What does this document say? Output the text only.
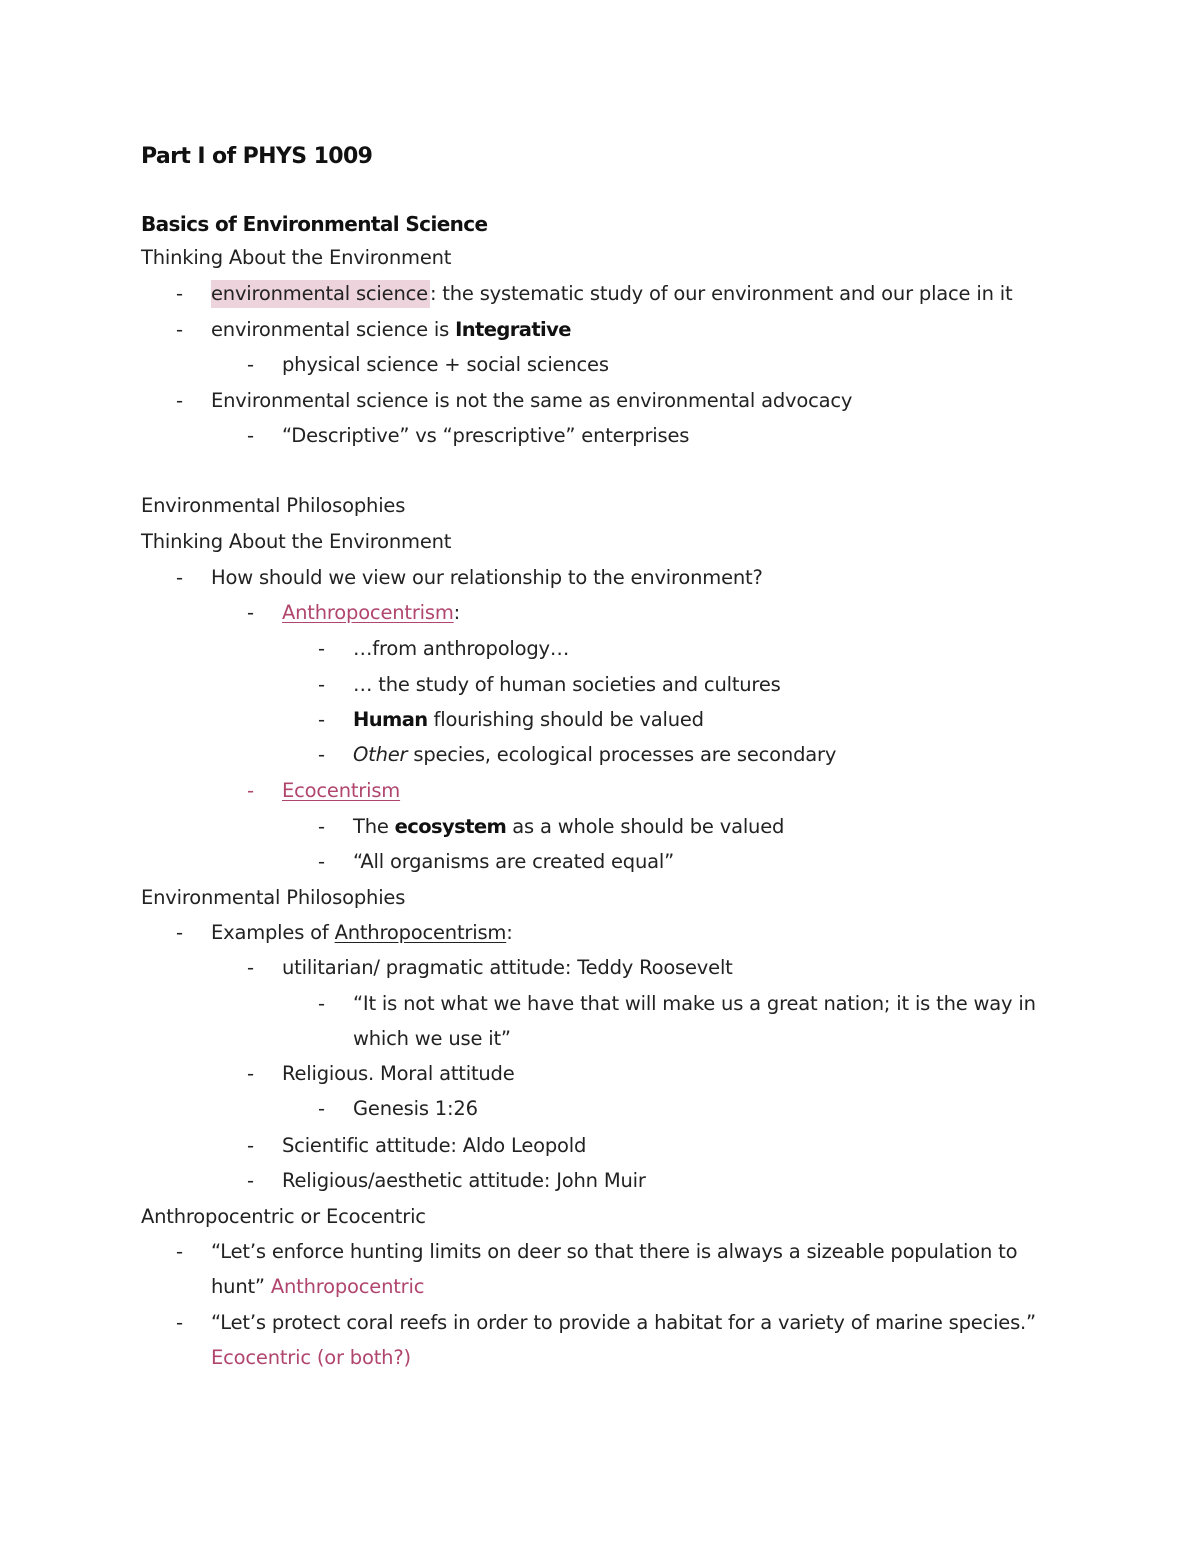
Part I of PHYS 1009
Basics of Environmental Science
Thinking About the Environment
- environmental science : the systematic study of our environment and our place in it
- environmental science is Integrative
- physical science + social sciences
- Environmental science is not the same as environmental advocacy
- “Descriptive” vs “prescriptive” enterprises
Environmental Philosophies
Thinking About the Environment
- How should we view our relationship to the environment?
- Anthropocentrism:
- …from anthropology…
- … the study of human societies and cultures
- Human flourishing should be valued
- Other species, ecological processes are secondary
- Ecocentrism
- The ecosystem as a whole should be valued
- “All organisms are created equal”
Environmental Philosophies
- Examples of Anthropocentrism:
- utilitarian/ pragmatic attitude: Teddy Roosevelt
- “It is not what we have that will make us a great nation; it is the way in
which we use it”
- Religious. Moral attitude
- Genesis 1:26
- Scientific attitude: Aldo Leopold
- Religious/aesthetic attitude: John Muir
Anthropocentric or Ecocentric
- “Let’s enforce hunting limits on deer so that there is always a sizeable population to
hunt” Anthropocentric
- “Let’s protect coral reefs in order to provide a habitat for a variety of marine species.”
Ecocentric (or both?)
